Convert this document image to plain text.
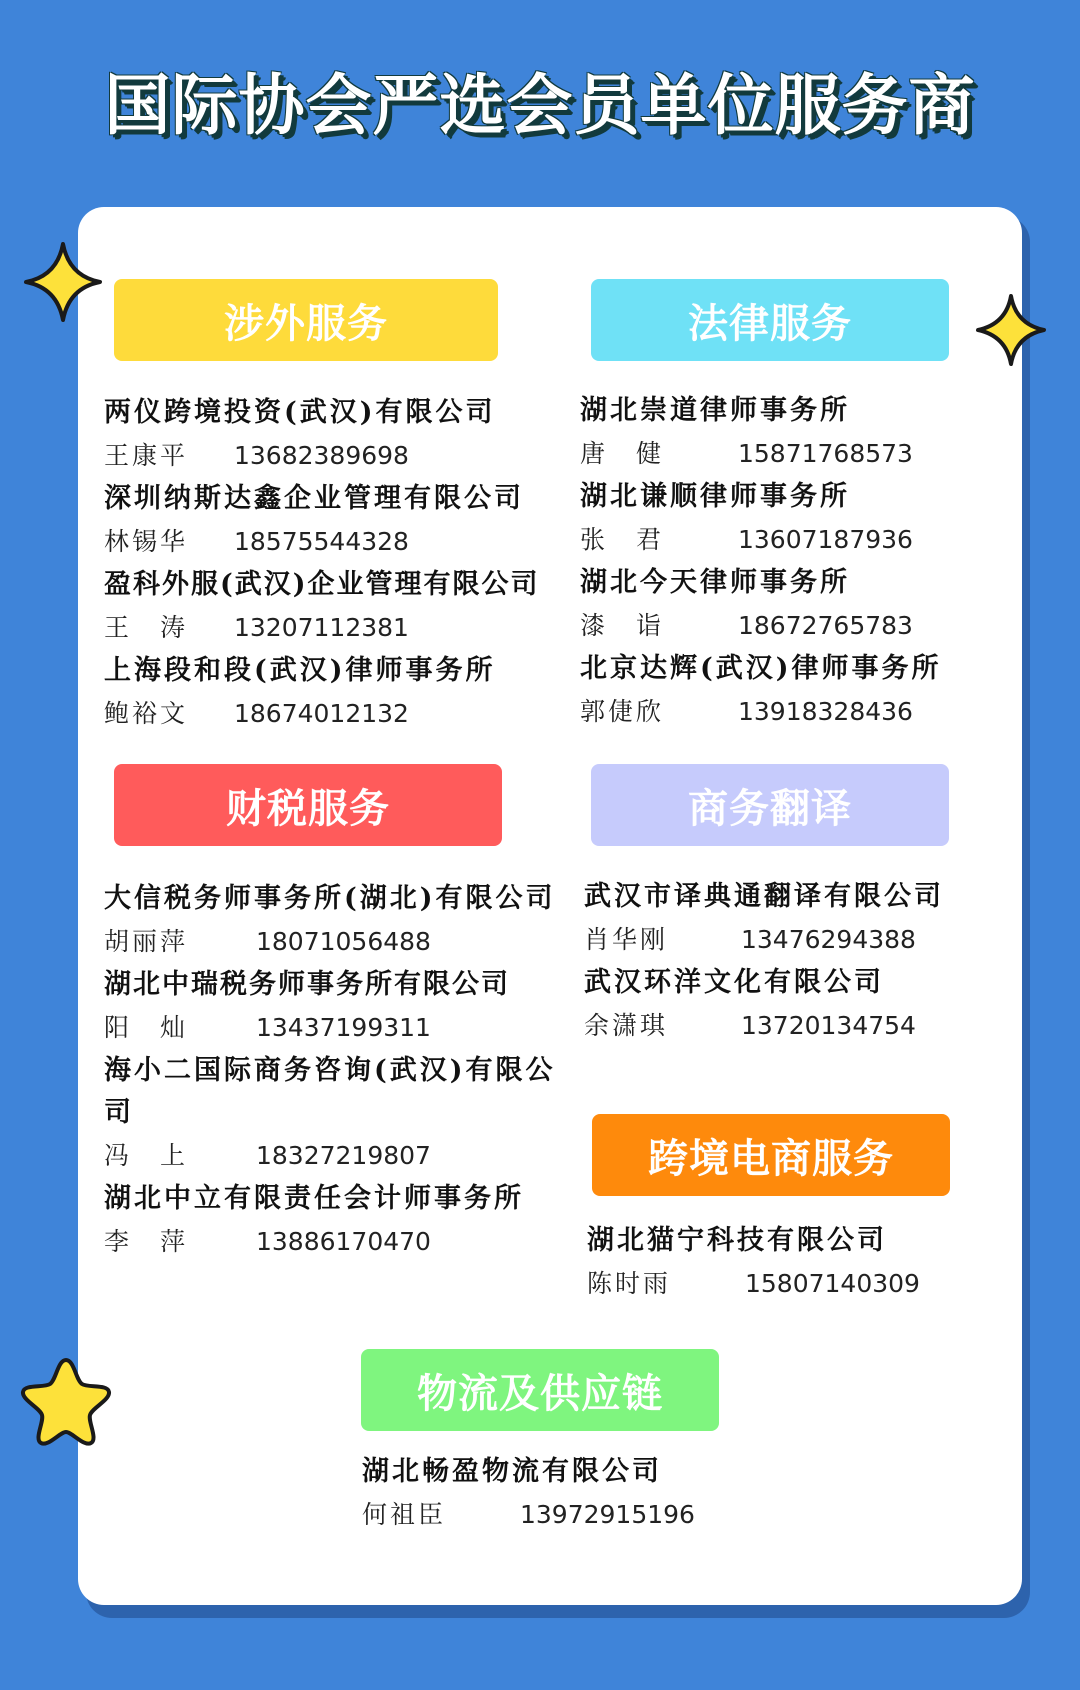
国际协会严选会员单位服务商
涉外服务
两仪跨境投资(武汉)有限公司
王康平	13682389698
深圳纳斯达鑫企业管理有限公司
林锡华	18575544328
盈科外服(武汉)企业管理有限公司
王　涛	13207112381
上海段和段(武汉)律师事务所
鲍裕文	18674012132
法律服务
湖北崇道律师事务所
唐　健	15871768573
湖北谦顺律师事务所
张　君	13607187936
湖北今天律师事务所
漆　诣	18672765783
北京达辉(武汉)律师事务所
郭倢欣	13918328436
财税服务
大信税务师事务所(湖北)有限公司
胡丽萍	18071056488
湖北中瑞税务师事务所有限公司
阳　灿	13437199311
海小二国际商务咨询(武汉)有限公司
冯　上	18327219807
湖北中立有限责任会计师事务所
李　萍	13886170470
商务翻译
武汉市译典通翻译有限公司
肖华刚	13476294388
武汉环洋文化有限公司
余潇琪	13720134754
跨境电商服务
湖北猫宁科技有限公司
陈时雨	15807140309
物流及供应链
湖北畅盈物流有限公司
何祖臣	13972915196
